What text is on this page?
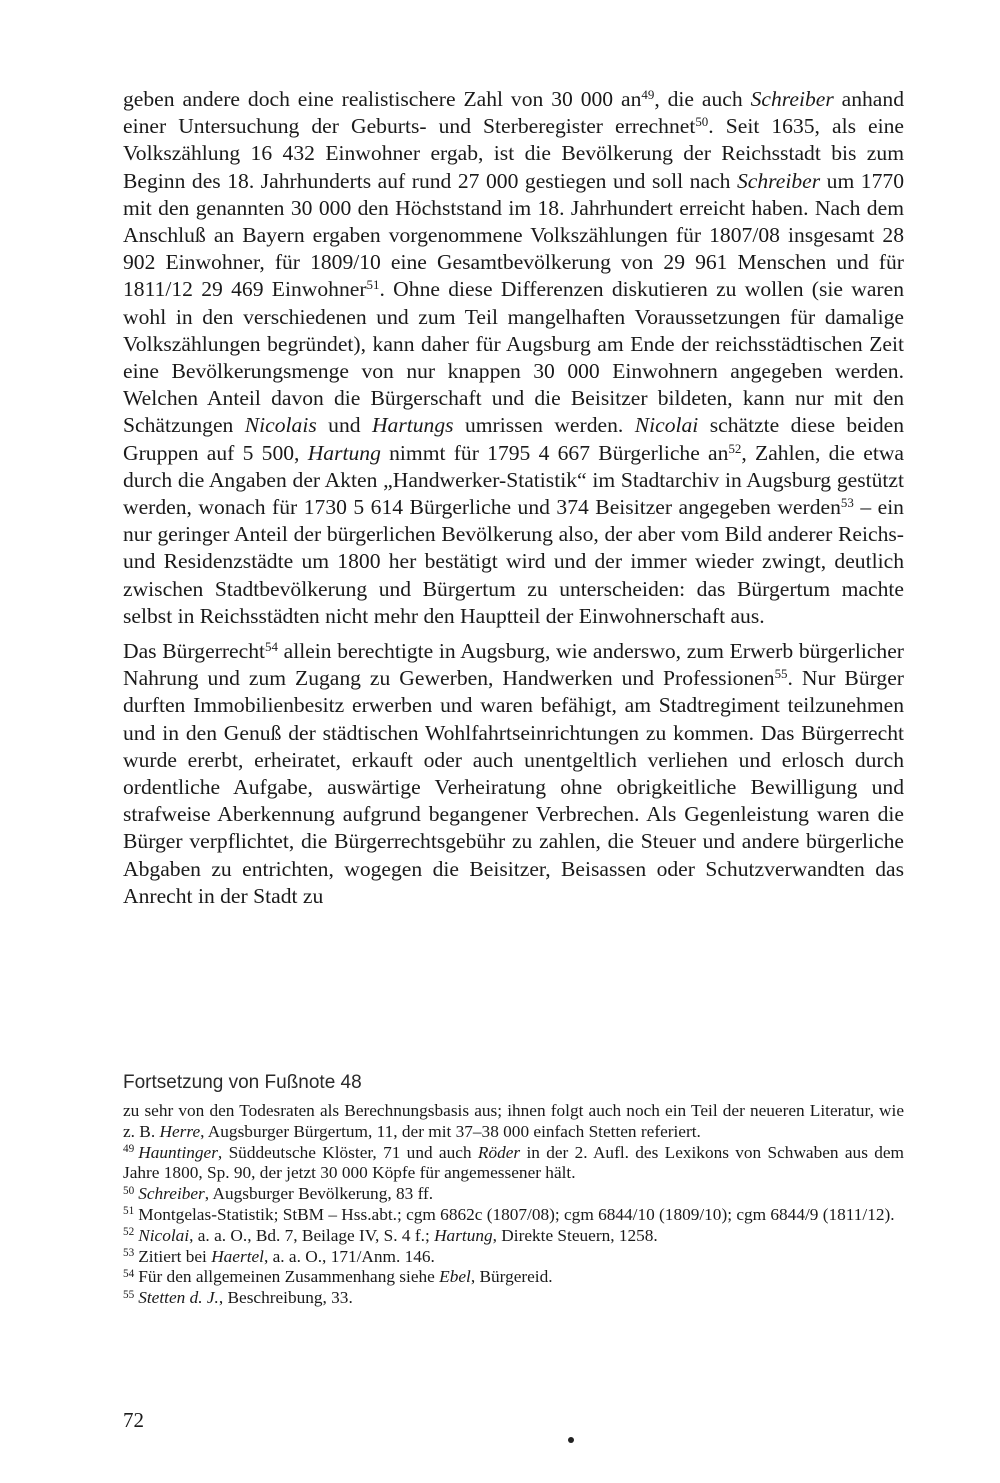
geben andere doch eine realistischere Zahl von 30 000 $an^{49}$, die auch Schreiber anhand einer Untersuchung der Geburts- und Sterberegister errechnet$^{50}$. Seit 1635, als eine Volkszählung 16 432 Einwohner ergab, ist die Bevölkerung der Reichsstadt bis zum Beginn des 18. Jahrhunderts auf rund 27 000 gestiegen und soll nach Schreiber um 1770 mit den genannten 30 000 den Höchststand im 18. Jahrhundert erreicht haben. Nach dem Anschluß an Bayern ergaben vorgenommene Volkszählungen für 1807/08 insgesamt 28 902 Einwohner, für 1809/10 eine Gesamtbevölkerung von 29 961 Menschen und für 1811/12 29 469 Einwohner$^{51}$. Ohne diese Differenzen diskutieren zu wollen (sie waren wohl in den verschiedenen und zum Teil mangelhaften Voraussetzungen für damalige Volkszählungen begründet), kann daher für Augsburg am Ende der reichsstädtischen Zeit eine Bevölkerungsmenge von nur knappen 30 000 Einwohnern angegeben werden. Welchen Anteil davon die Bürgerschaft und die Beisitzer bildeten, kann nur mit den Schätzungen Nicolais und Hartungs umrissen werden. Nicolai schätzte diese beiden Gruppen auf 5 500, Hartung nimmt für 1795 4 667 Bürgerliche $an^{52}$, Zahlen, die etwa durch die Angaben der Akten „Handwerker-Statistik“ im Stadtarchiv in Augsburg gestützt werden, wonach für 1730 5 614 Bürgerliche und 374 Beisitzer angegeben werden$^{53}$ – ein nur geringer Anteil der bürgerlichen Bevölkerung also, der aber vom Bild anderer Reichs- und Residenzstädte um 1800 her bestätigt wird und der immer wieder zwingt, deutlich zwischen Stadtbevölkerung und Bürgertum zu unterscheiden: das Bürgertum machte selbst in Reichsstädten nicht mehr den Hauptteil der Einwohnerschaft aus.

Das Bürgerrecht$^{54}$ allein berechtigte in Augsburg, wie anderswo, zum Erwerb bürgerlicher Nahrung und zum Zugang zu Gewerben, Handwerken und Professionen$^{55}$. Nur Bürger durften Immobilienbesitz erwerben und waren befähigt, am Stadtregiment teilzunehmen und in den Genuß der städtischen Wohlfahrtseinrichtungen zu kommen. Das Bürgerrecht wurde ererbt, erheiratet, erkauft oder auch unentgeltlich verliehen und erlosch durch ordentliche Aufgabe, auswärtige Verheiratung ohne obrigkeitliche Bewilligung und strafweise Aberkennung aufgrund begangener Verbrechen. Als Gegenleistung waren die Bürger verpflichtet, die Bürgerrechtsgebühr zu zahlen, die Steuer und andere bürgerliche Abgaben zu entrichten, wogegen die Beisitzer, Beisassen oder Schutzverwandten das Anrecht in der Stadt zu

Fortsetzung von Fußnote 48

zu sehr von den Todesraten als Berechnungsbasis aus; ihnen folgt auch noch ein Teil der neueren Literatur, wie z. B. Herre, Augsburger Bürgertum, 11, der mit 37–38 000 einfach Stetten referiert.

$^{49}$ Hauntinger, Süddeutsche Klöster, 71 und auch Röder in der 2. Aufl. des Lexikons von Schwaben aus dem Jahre 1800, Sp. 90, der jetzt 30 000 Köpfe für angemessener hält.

$^{50}$ Schreiber, Augsburger Bevölkerung, 83 ff.

$^{51}$ Montgelas-Statistik; StBM – Hss.abt.; cgm 6862c (1807/08); cgm 6844/10 (1809/10); cgm 6844/9 (1811/12).

$^{52}$ Nicolai, a. a. O., Bd. 7, Beilage IV, S. 4 f.; Hartung, Direkte Steuern, 1258.

$^{53}$ Zitiert bei Haertel, a. a. O., 171/Anm. 146.

$^{54}$ Für den allgemeinen Zusammenhang siehe Ebel, Bürgereid.

$^{55}$ Stetten d. J., Beschreibung, 33.

72
